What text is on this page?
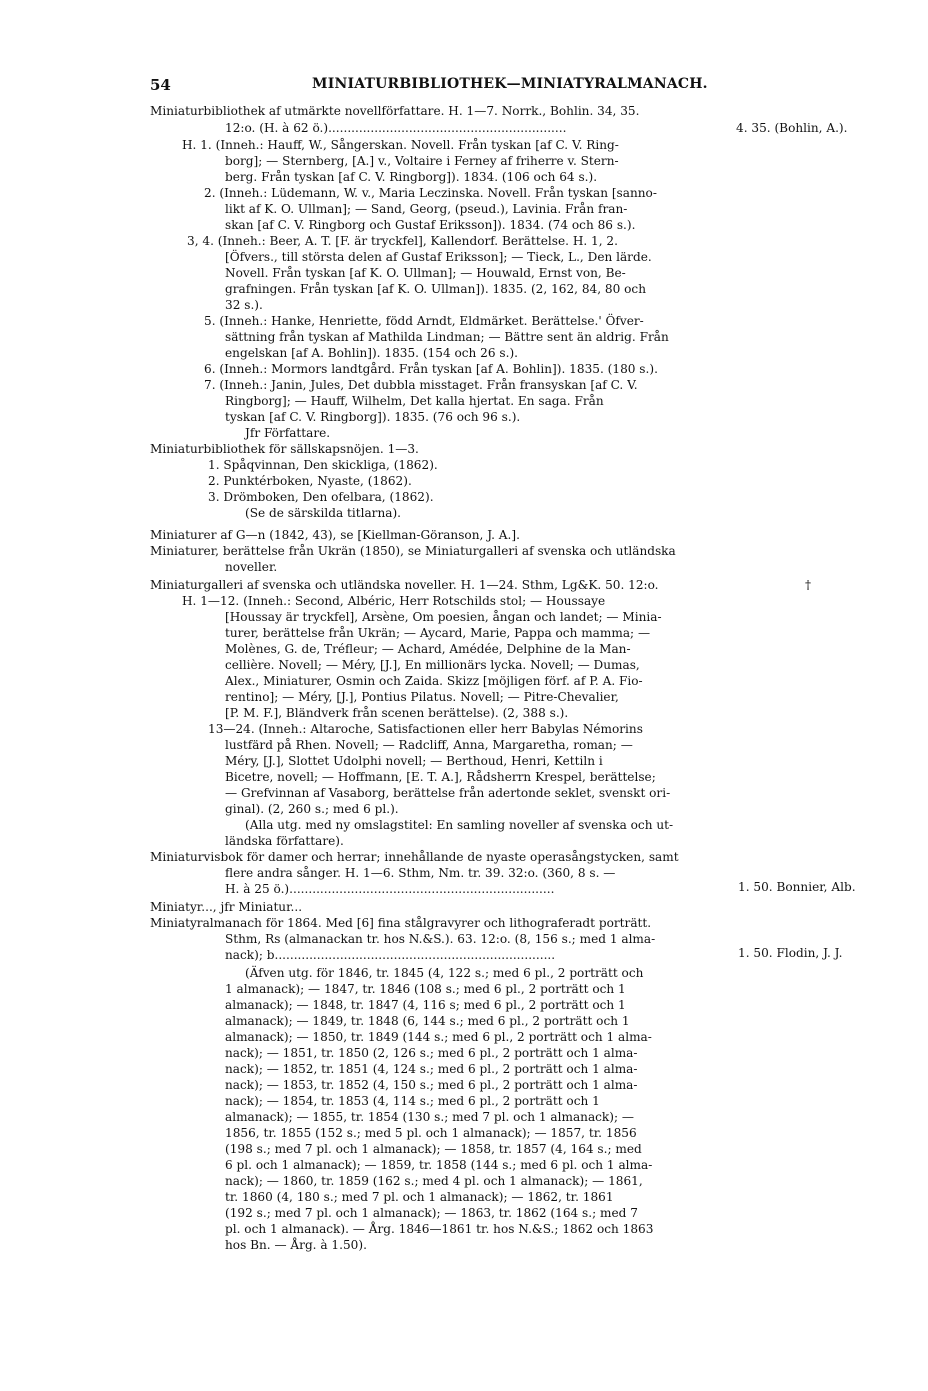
54	MINIATURBIBLIOTHEK—MINIATYRALMANACH.
Miniaturbibliothek af utmärkte novellförfattare. H. 1—7. Norrk., Bohlin. 34, 35.
12:o. (H. à 62 ö.)..............................................................
H. 1. (Inneh.: Hauff, W., Sångerskan. Novell. Från tyskan [af C. V. Ring-
borg]; — Sternberg, [A.] v., Voltaire i Ferney af friherre v. Stern-
berg. Från tyskan [af C. V. Ringborg]). 1834. (106 och 64 s.).
2. (Inneh.: Lüdemann, W. v., Maria Leczinska. Novell. Från tyskan [sanno-
likt af K. O. Ullman]; — Sand, Georg, (pseud.), Lavinia. Från fran-
skan [af C. V. Ringborg och Gustaf Eriksson]). 1834. (74 och 86 s.).
3, 4. (Inneh.: Beer, A. T. [F. är tryckfel], Kallendorf. Berättelse. H. 1, 2.
[Öfvers., till största delen af Gustaf Eriksson]; — Tieck, L., Den lärde.
Novell. Från tyskan [af K. O. Ullman]; — Houwald, Ernst von, Be-
grafningen. Från tyskan [af K. O. Ullman]). 1835. (2, 162, 84, 80 och
32 s.).
5. (Inneh.: Hanke, Henriette, född Arndt, Eldmärket. Berättelse.' Öfver-
sättning från tyskan af Mathilda Lindman; — Bättre sent än aldrig. Från
engelskan [af A. Bohlin]). 1835. (154 och 26 s.).
6. (Inneh.: Mormors landtgård. Från tyskan [af A. Bohlin]). 1835. (180 s.).
7. (Inneh.: Janin, Jules, Det dubbla misstaget. Från fransyskan [af C. V.
Ringborg]; — Hauff, Wilhelm, Det kalla hjertat. En saga. Från
tyskan [af C. V. Ringborg]). 1835. (76 och 96 s.).
Jfr Författare.
Miniaturbibliothek för sällskapsnöjen. 1—3.
1. Spåqvinnan, Den skickliga, (1862).
2. Punktérboken, Nyaste, (1862).
3. Drömboken, Den ofelbara, (1862).
(Se de särskilda titlarna).
Miniaturer af G—n (1842, 43), se [Kiellman-Göranson, J. A.].
Miniaturer, berättelse från Ukrän (1850), se Miniaturgalleri af svenska och utländska
noveller.
Miniaturgalleri af svenska och utländska noveller. H. 1—24. Sthm, Lg&K. 50. 12:o.
H. 1—12. (Inneh.: Second, Albéric, Herr Rotschilds stol; — Houssaye
[Houssay är tryckfel], Arsène, Om poesien, ångan och landet; — Minia-
turer, berättelse från Ukrän; — Aycard, Marie, Pappa och mamma; —
Molènes, G. de, Tréfleur; — Achard, Amédée, Delphine de la Man-
cellière. Novell; — Méry, [J.], En millionärs lycka. Novell; — Dumas,
Alex., Miniaturer, Osmin och Zaida. Skizz [möjligen förf. af P. A. Fio-
rentino]; — Méry, [J.], Pontius Pilatus. Novell; — Pitre-Chevalier,
[P. M. F.], Bländverk från scenen berättelse). (2, 388 s.).
13—24. (Inneh.: Altaroche, Satisfactionen eller herr Babylas Némorins
lustfärd på Rhen. Novell; — Radcliff, Anna, Margaretha, roman; —
Méry, [J.], Slottet Udolphi novell; — Berthoud, Henri, Kettiln i
Bicetre, novell; — Hoffmann, [E. T. A.], Rådsherrn Krespel, berättelse;
— Grefvinnan af Vasaborg, berättelse från adertonde seklet, svenskt ori-
ginal). (2, 260 s.; med 6 pl.).
(Alla utg. med ny omslagstitel: En samling noveller af svenska och ut-
ländska författare).
Miniaturvisbok för damer och herrar; innehållande de nyaste operasångstycken, samt
flere andra sånger. H. 1—6. Sthm, Nm. tr. 39. 32:o. (360, 8 s. —
H. à 25 ö.).....................................................................
Miniatyr..., jfr Miniatur...
Miniatyralmanach för 1864. Med [6] fina stålgravyrer och lithograferadt porträtt.
Sthm, Rs (almanackan tr. hos N.&S.). 63. 12:o. (8, 156 s.; med 1 alma-
nack); b.........................................................................
(Äfven utg. för 1846, tr. 1845 (4, 122 s.; med 6 pl., 2 porträtt och
1 almanack); — 1847, tr. 1846 (108 s.; med 6 pl., 2 porträtt och 1
almanack); — 1848, tr. 1847 (4, 116 s; med 6 pl., 2 porträtt och 1
almanack); — 1849, tr. 1848 (6, 144 s.; med 6 pl., 2 porträtt och 1
almanack); — 1850, tr. 1849 (144 s.; med 6 pl., 2 porträtt och 1 alma-
nack); — 1851, tr. 1850 (2, 126 s.; med 6 pl., 2 porträtt och 1 alma-
nack); — 1852, tr. 1851 (4, 124 s.; med 6 pl., 2 porträtt och 1 alma-
nack); — 1853, tr. 1852 (4, 150 s.; med 6 pl., 2 porträtt och 1 alma-
nack); — 1854, tr. 1853 (4, 114 s.; med 6 pl., 2 porträtt och 1
almanack); — 1855, tr. 1854 (130 s.; med 7 pl. och 1 almanack); —
1856, tr. 1855 (152 s.; med 5 pl. och 1 almanack); — 1857, tr. 1856
(198 s.; med 7 pl. och 1 almanack); — 1858, tr. 1857 (4, 164 s.; med
6 pl. och 1 almanack); — 1859, tr. 1858 (144 s.; med 6 pl. och 1 alma-
nack); — 1860, tr. 1859 (162 s.; med 4 pl. och 1 almanack); — 1861,
tr. 1860 (4, 180 s.; med 7 pl. och 1 almanack); — 1862, tr. 1861
(192 s.; med 7 pl. och 1 almanack); — 1863, tr. 1862 (164 s.; med 7
pl. och 1 almanack). — Årg. 1846—1861 tr. hos N.&S.; 1862 och 1863
hos Bn. — Årg. à 1.50).
4. 35. (Bohlin, A.).
†
1. 50. Bonnier, Alb.
1. 50. Flodin, J. J.
